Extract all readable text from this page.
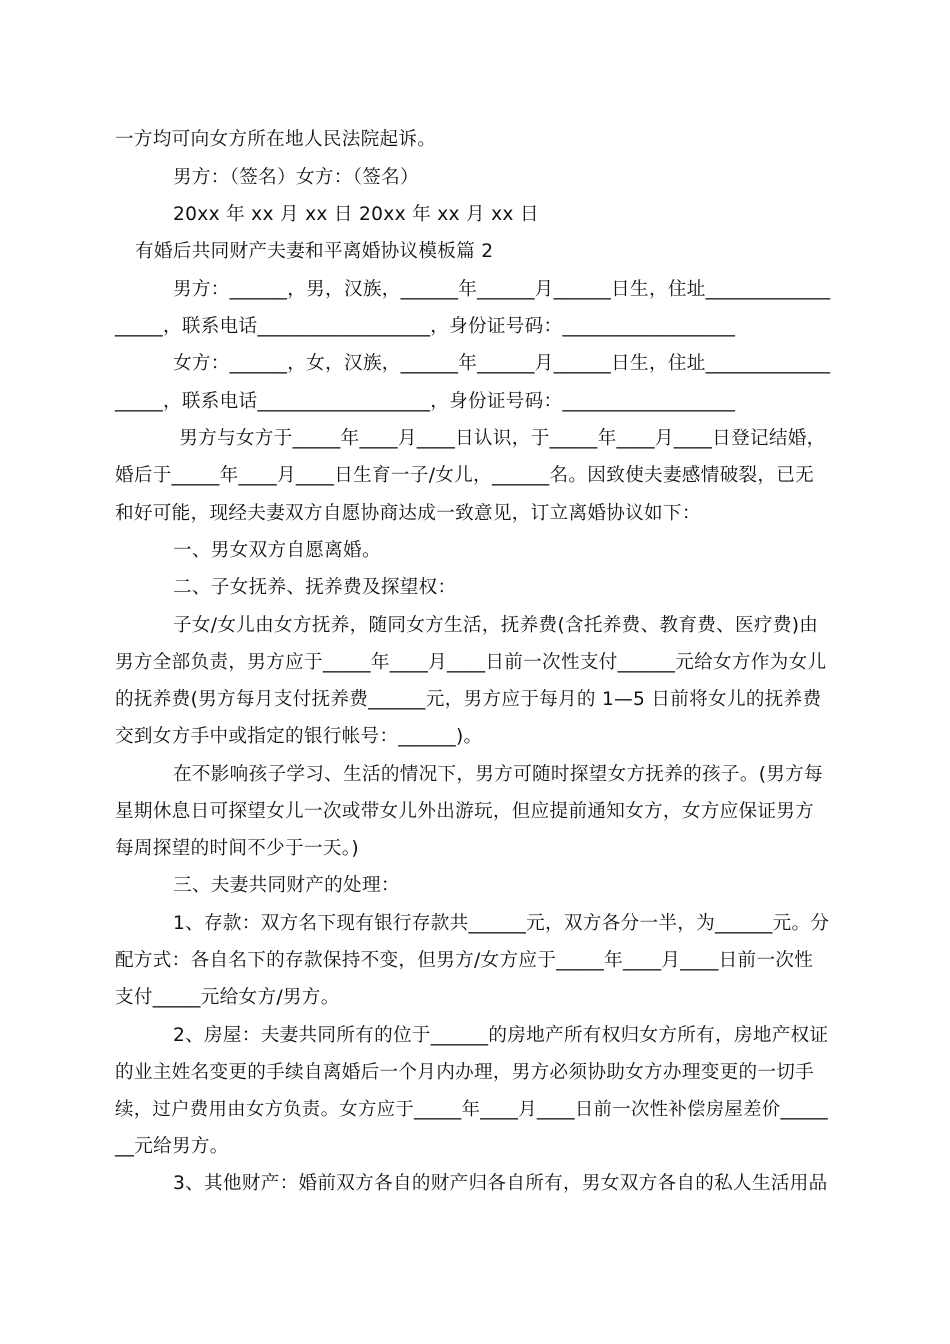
一方均可向女方所在地人民法院起诉。

男方：（签名）女方：（签名）

20xx 年 xx 月 xx 日 20xx 年 xx 月 xx 日

有婚后共同财产夫妻和平离婚协议模板篇 2

男方：______，男，汉族，______年______月______日生，住址_____________

_____，联系电话__________________，身份证号码：__________________

女方：______，女，汉族，______年______月______日生，住址_____________

_____，联系电话__________________，身份证号码：__________________

男方与女方于_____年____月____日认识，于_____年____月____日登记结婚，

婚后于_____年____月____日生育一子/女儿，______名。因致使夫妻感情破裂，已无

和好可能，现经夫妻双方自愿协商达成一致意见，订立离婚协议如下：

一、男女双方自愿离婚。

二、子女抚养、抚养费及探望权：

子女/女儿由女方抚养，随同女方生活，抚养费(含托养费、教育费、医疗费)由

男方全部负责，男方应于_____年____月____日前一次性支付______元给女方作为女儿

的抚养费(男方每月支付抚养费______元，男方应于每月的 1—5 日前将女儿的抚养费

交到女方手中或指定的银行帐号：______)。

在不影响孩子学习、生活的情况下，男方可随时探望女方抚养的孩子。(男方每

星期休息日可探望女儿一次或带女儿外出游玩，但应提前通知女方，女方应保证男方

每周探望的时间不少于一天。)

三、夫妻共同财产的处理：

1、存款：双方名下现有银行存款共______元，双方各分一半，为______元。分

配方式：各自名下的存款保持不变，但男方/女方应于_____年____月____日前一次性

支付_____元给女方/男方。

2、房屋：夫妻共同所有的位于______的房地产所有权归女方所有，房地产权证

的业主姓名变更的手续自离婚后一个月内办理，男方必须协助女方办理变更的一切手

续，过户费用由女方负责。女方应于_____年____月____日前一次性补偿房屋差价_____

__元给男方。

3、其他财产：婚前双方各自的财产归各自所有，男女双方各自的私人生活用品
